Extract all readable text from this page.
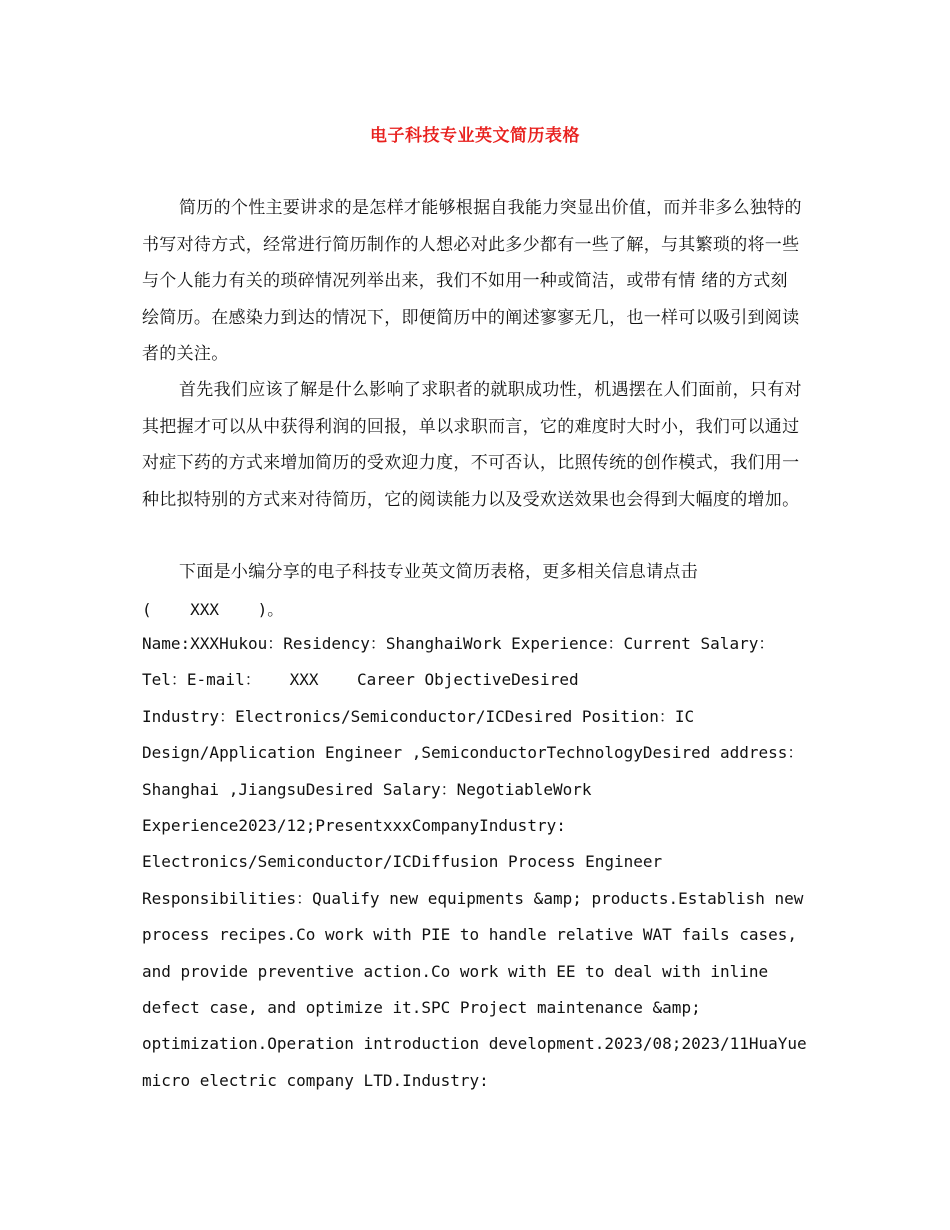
电子科技专业英文简历表格

简历的个性主要讲求的是怎样才能够根据自我能力突显出价值，而并非多么独特的书写对待方式，经常进行简历制作的人想必对此多少都有一些了解，与其繁琐的将一些与个人能力有关的琐碎情况列举出来，我们不如用一种或简洁，或带有情 绪的方式刻绘简历。在感染力到达的情况下，即便简历中的阐述寥寥无几，也一样可以吸引到阅读者的关注。

首先我们应该了解是什么影响了求职者的就职成功性，机遇摆在人们面前，只有对其把握才可以从中获得利润的回报，单以求职而言，它的难度时大时小，我们可以通过对症下药的方式来增加简历的受欢迎力度，不可否认，比照传统的创作模式，我们用一种比拟特别的方式来对待简历，它的阅读能力以及受欢送效果也会得到大幅度的增加。

下面是小编分享的电子科技专业英文简历表格，更多相关信息请点击

(    XXX    )。

Name:XXXHukou：Residency：ShanghaiWork Experience：Current Salary：
Tel：E-mail：   XXX    Career ObjectiveDesired
Industry：Electronics/Semiconductor/ICDesired Position：IC
Design/Application Engineer ,SemiconductorTechnologyDesired address：
Shanghai ,JiangsuDesired Salary：NegotiableWork
Experience2023/12;PresentxxxCompanyIndustry:
Electronics/Semiconductor/ICDiffusion Process Engineer
Responsibilities：Qualify new equipments &amp; products.Establish new
process recipes.Co work with PIE to handle relative WAT fails cases,
and provide preventive action.Co work with EE to deal with inline
defect case, and optimize it.SPC Project maintenance &amp;
optimization.Operation introduction development.2023/08;2023/11HuaYue
micro electric company LTD.Industry:
